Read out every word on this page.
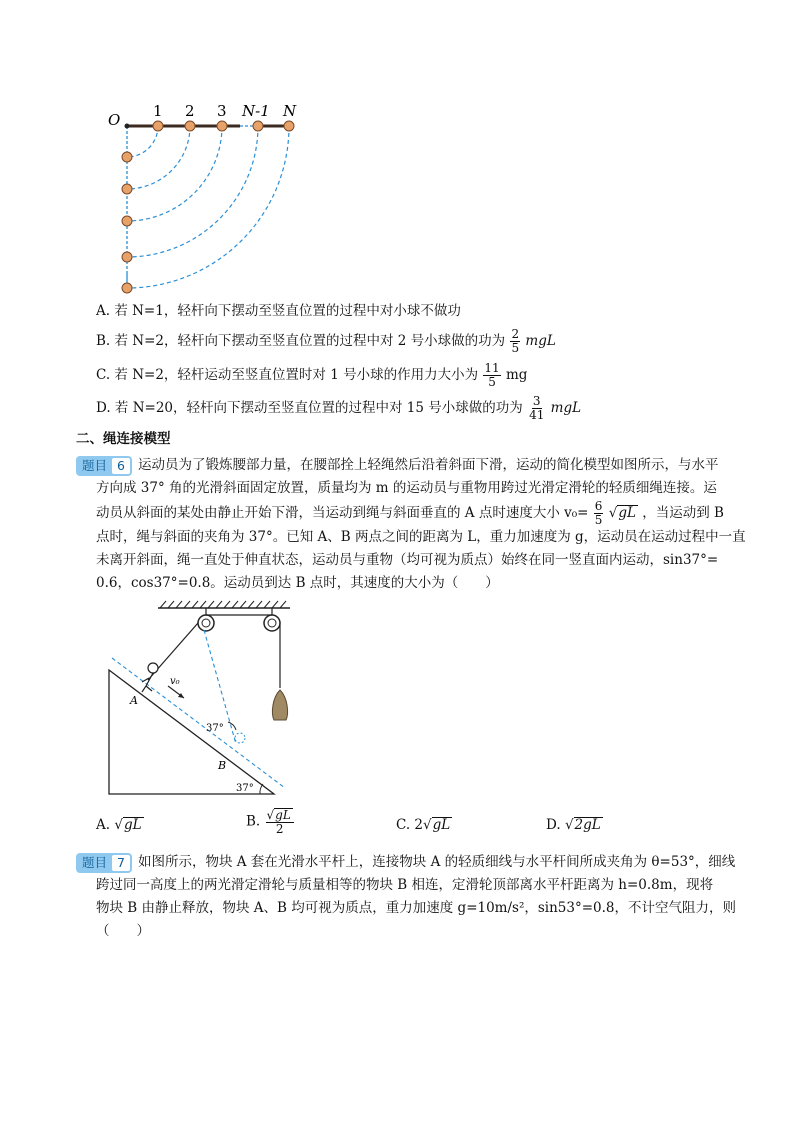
O 1 2 3 N-1 N
A. 若 N=1，轻杆向下摆动至竖直位置的过程中对小球不做功
B. 若 N=2，轻杆向下摆动至竖直位置的过程中对 2 号小球做的功为 $\frac{2}{5}$ mgL
C. 若 N=2，轻杆运动至竖直位置时对 1 号小球的作用力大小为 $\frac{11}{5}$ mg
D. 若 N=20，轻杆向下摆动至竖直位置的过程中对 15 号小球做的功为 $\frac{3}{41}$ mgL
二、绳连接模型
题目 6 运动员为了锻炼腰部力量，在腰部拴上轻绳然后沿着斜面下滑，运动的简化模型如图所示，与水平
方向成 37° 角的光滑斜面固定放置，质量均为 m 的运动员与重物用跨过光滑定滑轮的轻质细绳连接。运
动员从斜面的某处由静止开始下滑，当运动到绳与斜面垂直的 A 点时速度大小 $v_0= \frac{6}{5} √gL$ ，当运动到 B
点时，绳与斜面的夹角为 37°。已知 A、B 两点之间的距离为 L，重力加速度为 g，运动员在运动过程中一直
未离开斜面，绳一直处于伸直状态，运动员与重物（均可视为质点）始终在同一竖直面内运动，sin37°=
0.6，cos37°=0.8。运动员到达 B 点时，其速度的大小为（　　）
v₀
A
B
37°
37°
A. √gL	B. $\frac{√gL}{2}$	C. 2√gL	D. √2gL
题目 7 如图所示，物块 A 套在光滑水平杆上，连接物块 A 的轻质细线与水平杆间所成夹角为 θ=53°，细线
跨过同一高度上的两光滑定滑轮与质量相等的物块 B 相连，定滑轮顶部离水平杆距离为 h=0.8m，现将
物块 B 由静止释放，物块 A、B 均可视为质点，重力加速度 g=10m/s²，sin53°=0.8，不计空气阻力，则
（　　）
